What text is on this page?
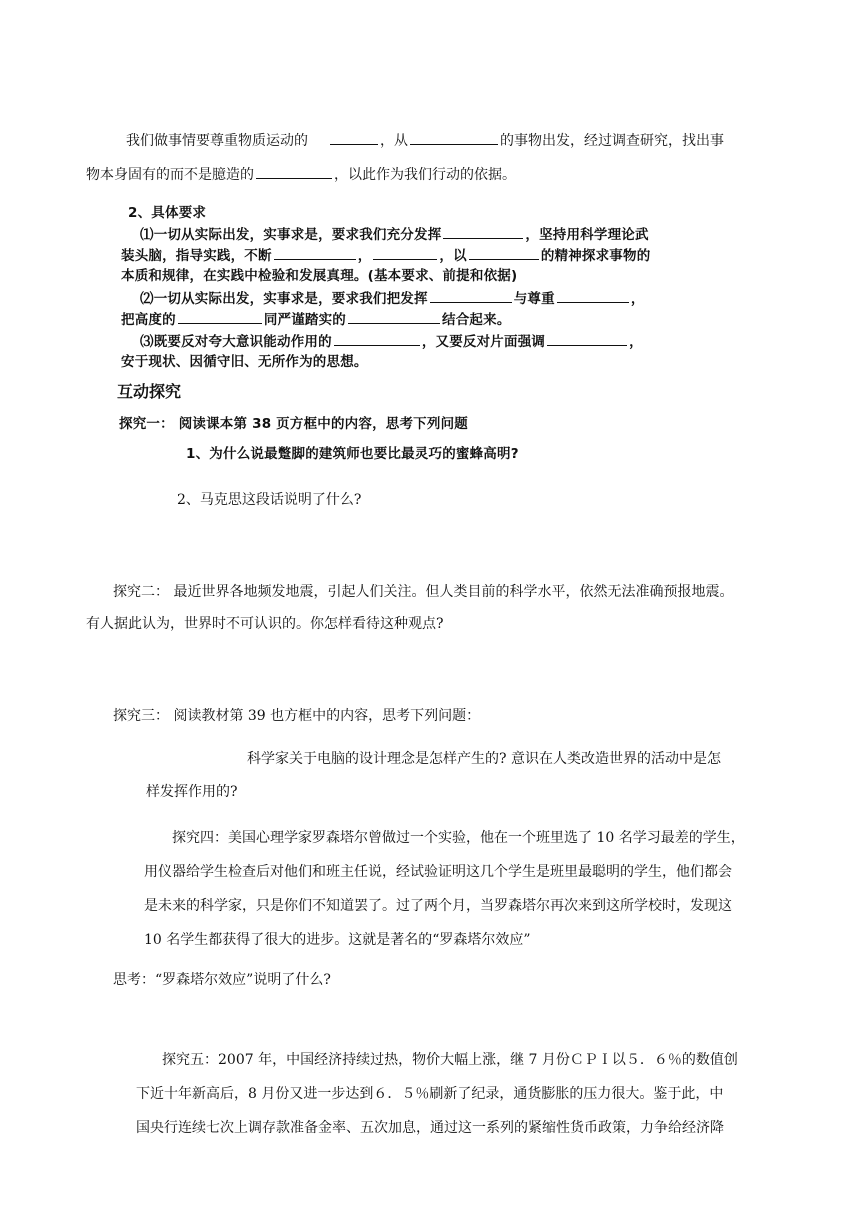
我们做事情要尊重物质运动的	，从	的事物出发，经过调查研究，找出事
物本身固有的而不是臆造的	，以此作为我们行动的依据。
2、具体要求
⑴一切从实际出发，实事求是，要求我们充分发挥	，坚持用科学理论武
装头脑，指导实践，不断	，	，以	的精神探求事物的
本质和规律，在实践中检验和发展真理。(基本要求、前提和依据)
⑵一切从实际出发，实事求是，要求我们把发挥	与尊重	，
把高度的	同严谨踏实的	结合起来。
⑶既要反对夸大意识能动作用的	，又要反对片面强调	，
安于现状、因循守旧、无所作为的思想。
互动探究
探究一： 阅读课本第 38 页方框中的内容，思考下列问题
1、为什么说最蹩脚的建筑师也要比最灵巧的蜜蜂高明?
2、马克思这段话说明了什么?
探究二： 最近世界各地频发地震，引起人们关注。但人类目前的科学水平，依然无法准确预报地震。
有人据此认为，世界时不可认识的。你怎样看待这种观点?
探究三： 阅读教材第 39 也方框中的内容，思考下列问题：
科学家关于电脑的设计理念是怎样产生的? 意识在人类改造世界的活动中是怎
样发挥作用的?
探究四：美国心理学家罗森塔尔曾做过一个实验，他在一个班里选了 10 名学习最差的学生，
用仪器给学生检查后对他们和班主任说，经试验证明这几个学生是班里最聪明的学生，他们都会
是未来的科学家，只是你们不知道罢了。过了两个月，当罗森塔尔再次来到这所学校时，发现这
10 名学生都获得了很大的进步。这就是著名的“罗森塔尔效应”
思考：“罗森塔尔效应”说明了什么?
探究五：2007 年，中国经济持续过热，物价大幅上涨，继 7 月份ＣＰＩ以５．６％的数值创
下近十年新高后，8 月份又进一步达到６．５％刷新了纪录，通货膨胀的压力很大。鉴于此，中
国央行连续七次上调存款准备金率、五次加息，通过这一系列的紧缩性货币政策，力争给经济降
